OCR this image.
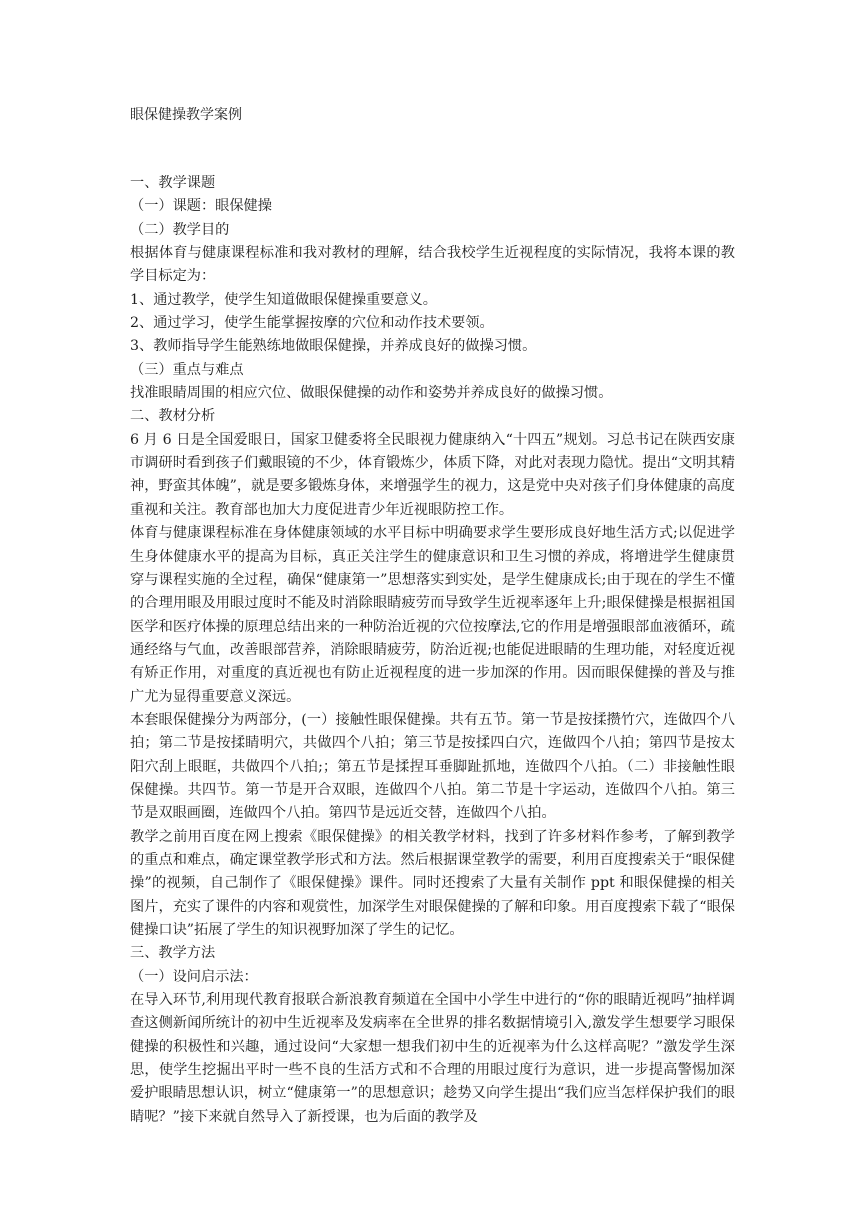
眼保健操教学案例

一、教学课题

（一）课题：眼保健操

（二）教学目的

根据体育与健康课程标准和我对教材的理解，结合我校学生近视程度的实际情况，我将本课的教学目标定为：

1、通过教学，使学生知道做眼保健操重要意义。

2、通过学习，使学生能掌握按摩的穴位和动作技术要领。

3、教师指导学生能熟练地做眼保健操，并养成良好的做操习惯。

（三）重点与难点

找准眼睛周围的相应穴位、做眼保健操的动作和姿势并养成良好的做操习惯。

二、教材分析

6 月 6 日是全国爱眼日，国家卫健委将全民眼视力健康纳入“十四五”规划。习总书记在陕西安康市调研时看到孩子们戴眼镜的不少，体育锻炼少，体质下降，对此对表现力隐忧。提出“文明其精神，野蛮其体魄”，就是要多锻炼身体，来增强学生的视力，这是党中央对孩子们身体健康的高度重视和关注。教育部也加大力度促进青少年近视眼防控工作。

体育与健康课程标准在身体健康领域的水平目标中明确要求学生要形成良好地生活方式;以促进学生身体健康水平的提高为目标，真正关注学生的健康意识和卫生习惯的养成，将增进学生健康贯穿与课程实施的全过程，确保“健康第一”思想落实到实处，是学生健康成长;由于现在的学生不懂的合理用眼及用眼过度时不能及时消除眼睛疲劳而导致学生近视率逐年上升;眼保健操是根据祖国医学和医疗体操的原理总结出来的一种防治近视的穴位按摩法,它的作用是增强眼部血液循环，疏通经络与气血，改善眼部营养，消除眼睛疲劳，防治近视;也能促进眼睛的生理功能，对轻度近视有矫正作用，对重度的真近视也有防止近视程度的进一步加深的作用。因而眼保健操的普及与推广尤为显得重要意义深远。

本套眼保健操分为两部分，(一）接触性眼保健操。共有五节。第一节是按揉攒竹穴，连做四个八拍；第二节是按揉睛明穴，共做四个八拍；第三节是按揉四白穴，连做四个八拍；第四节是按太阳穴刮上眼眶，共做四个八拍;；第五节是揉捏耳垂脚趾抓地，连做四个八拍。（二）非接触性眼保健操。共四节。第一节是开合双眼，连做四个八拍。第二节是十字运动，连做四个八拍。第三节是双眼画圈，连做四个八拍。第四节是远近交替，连做四个八拍。

教学之前用百度在网上搜索《眼保健操》的相关教学材料，找到了许多材料作参考，了解到教学的重点和难点，确定课堂教学形式和方法。然后根据课堂教学的需要，利用百度搜索关于“眼保健操”的视频，自己制作了《眼保健操》课件。同时还搜索了大量有关制作 ppt 和眼保健操的相关图片，充实了课件的内容和观赏性，加深学生对眼保健操的了解和印象。用百度搜索下载了“眼保健操口诀”拓展了学生的知识视野加深了学生的记忆。

三、教学方法

（一）设问启示法：

在导入环节,利用现代教育报联合新浪教育频道在全国中小学生中进行的“你的眼睛近视吗”抽样调查这侧新闻所统计的初中生近视率及发病率在全世界的排名数据情境引入,激发学生想要学习眼保健操的积极性和兴趣，通过设问“大家想一想我们初中生的近视率为什么这样高呢？”激发学生深思，使学生挖掘出平时一些不良的生活方式和不合理的用眼过度行为意识，进一步提高警惕加深爱护眼睛思想认识，树立“健康第一”的思想意识；趁势又向学生提出“我们应当怎样保护我们的眼睛呢？”接下来就自然导入了新授课，也为后面的教学及
